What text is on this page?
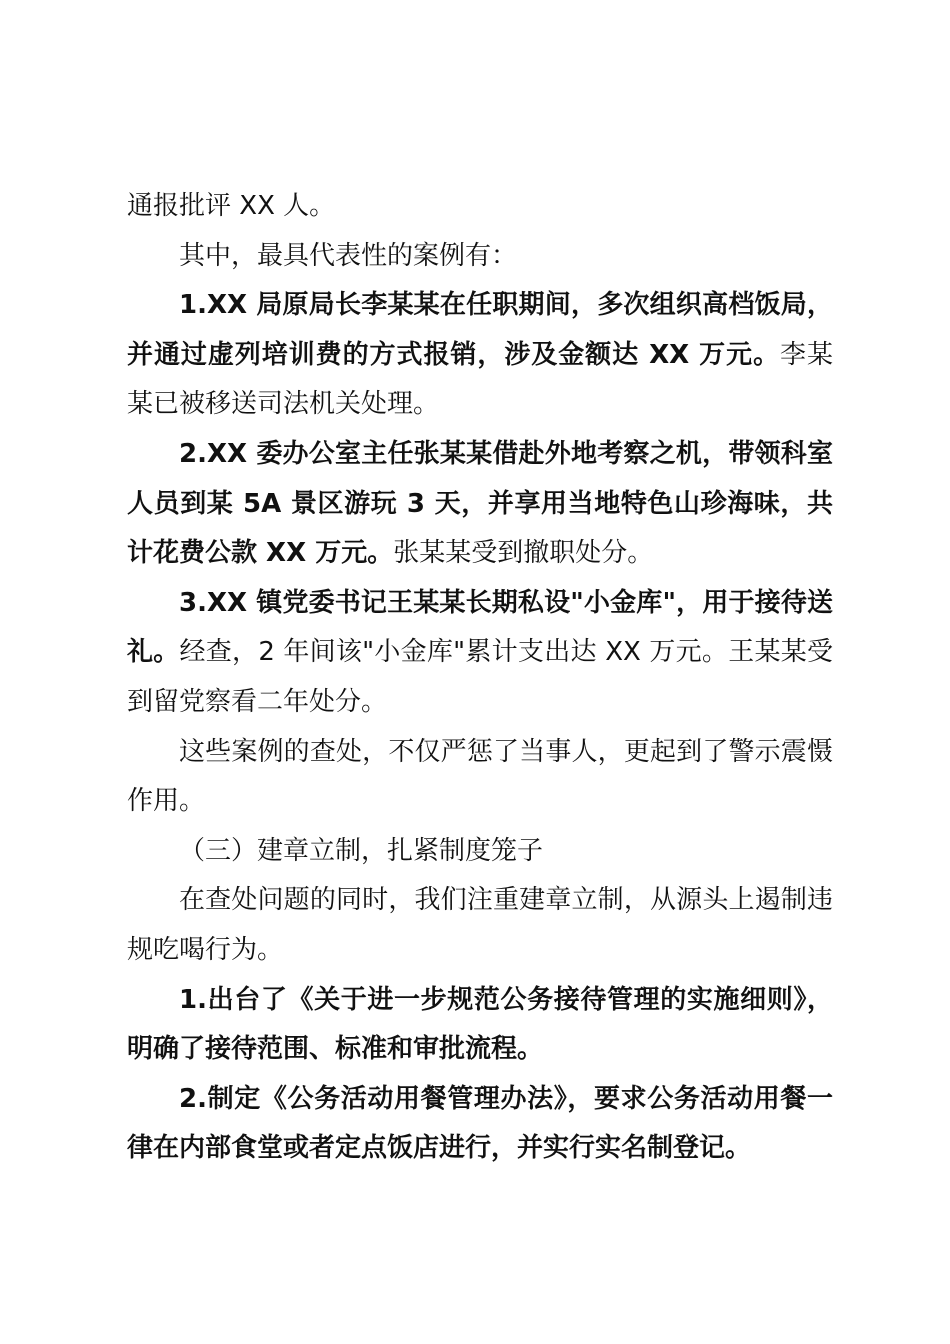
通报批评 XX 人。

其中，最具代表性的案例有：

1.XX 局原局长李某某在任职期间，多次组织高档饭局，并通过虚列培训费的方式报销，涉及金额达 XX 万元。李某某已被移送司法机关处理。

2.XX 委办公室主任张某某借赴外地考察之机，带领科室人员到某 5A 景区游玩 3 天，并享用当地特色山珍海味，共计花费公款 XX 万元。张某某受到撤职处分。

3.XX 镇党委书记王某某长期私设"小金库"，用于接待送礼。经查，2 年间该"小金库"累计支出达 XX 万元。王某某受到留党察看二年处分。

这些案例的查处，不仅严惩了当事人，更起到了警示震慑作用。

（三）建章立制，扎紧制度笼子

在查处问题的同时，我们注重建章立制，从源头上遏制违规吃喝行为。

1.出台了《关于进一步规范公务接待管理的实施细则》，明确了接待范围、标准和审批流程。

2.制定《公务活动用餐管理办法》，要求公务活动用餐一律在内部食堂或者定点饭店进行，并实行实名制登记。
